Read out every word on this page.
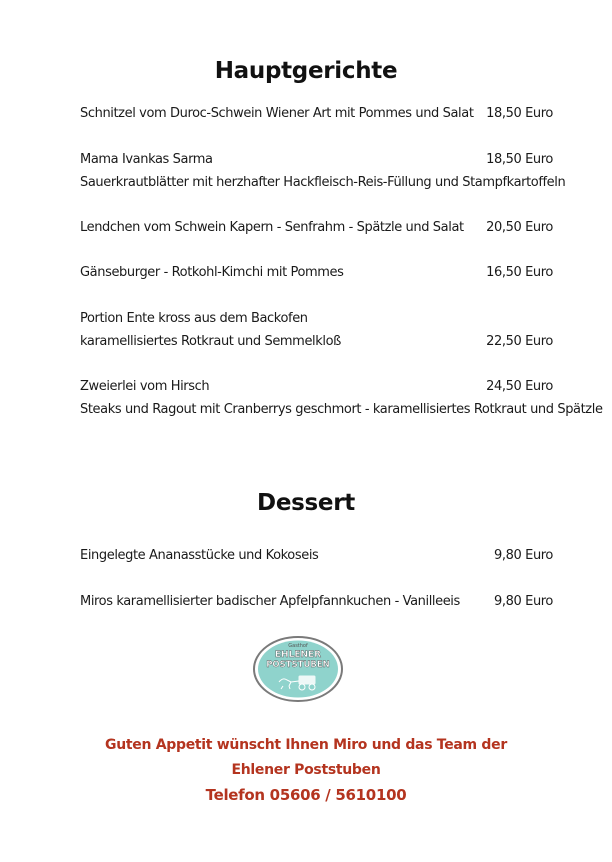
Hauptgerichte
Schnitzel vom Duroc-Schwein Wiener Art mit Pommes und Salat 18,50 Euro
Mama Ivankas Sarma	18,50 Euro
Sauerkrautblätter mit herzhafter Hackfleisch-Reis-Füllung und Stampfkartoffeln
Lendchen vom Schwein Kapern - Senfrahm - Spätzle und Salat 20,50 Euro
Gänseburger - Rotkohl-Kimchi mit Pommes	16,50 Euro
Portion Ente kross aus dem Backofen
karamellisiertes Rotkraut und Semmelkloß	22,50 Euro
Zweierlei vom Hirsch	24,50 Euro
Steaks und Ragout mit Cranberrys geschmort - karamellisiertes Rotkraut und Spätzle
Dessert
Eingelegte Ananasstücke und Kokoseis	9,80 Euro
Miros karamellisierter badischer Apfelpfannkuchen - Vanilleeis	9,80 Euro
Gasthof
EHLENER
POSTSTUBEN
Guten Appetit wünscht Ihnen Miro und das Team der
Ehlener Poststuben
Telefon 05606 / 5610100
